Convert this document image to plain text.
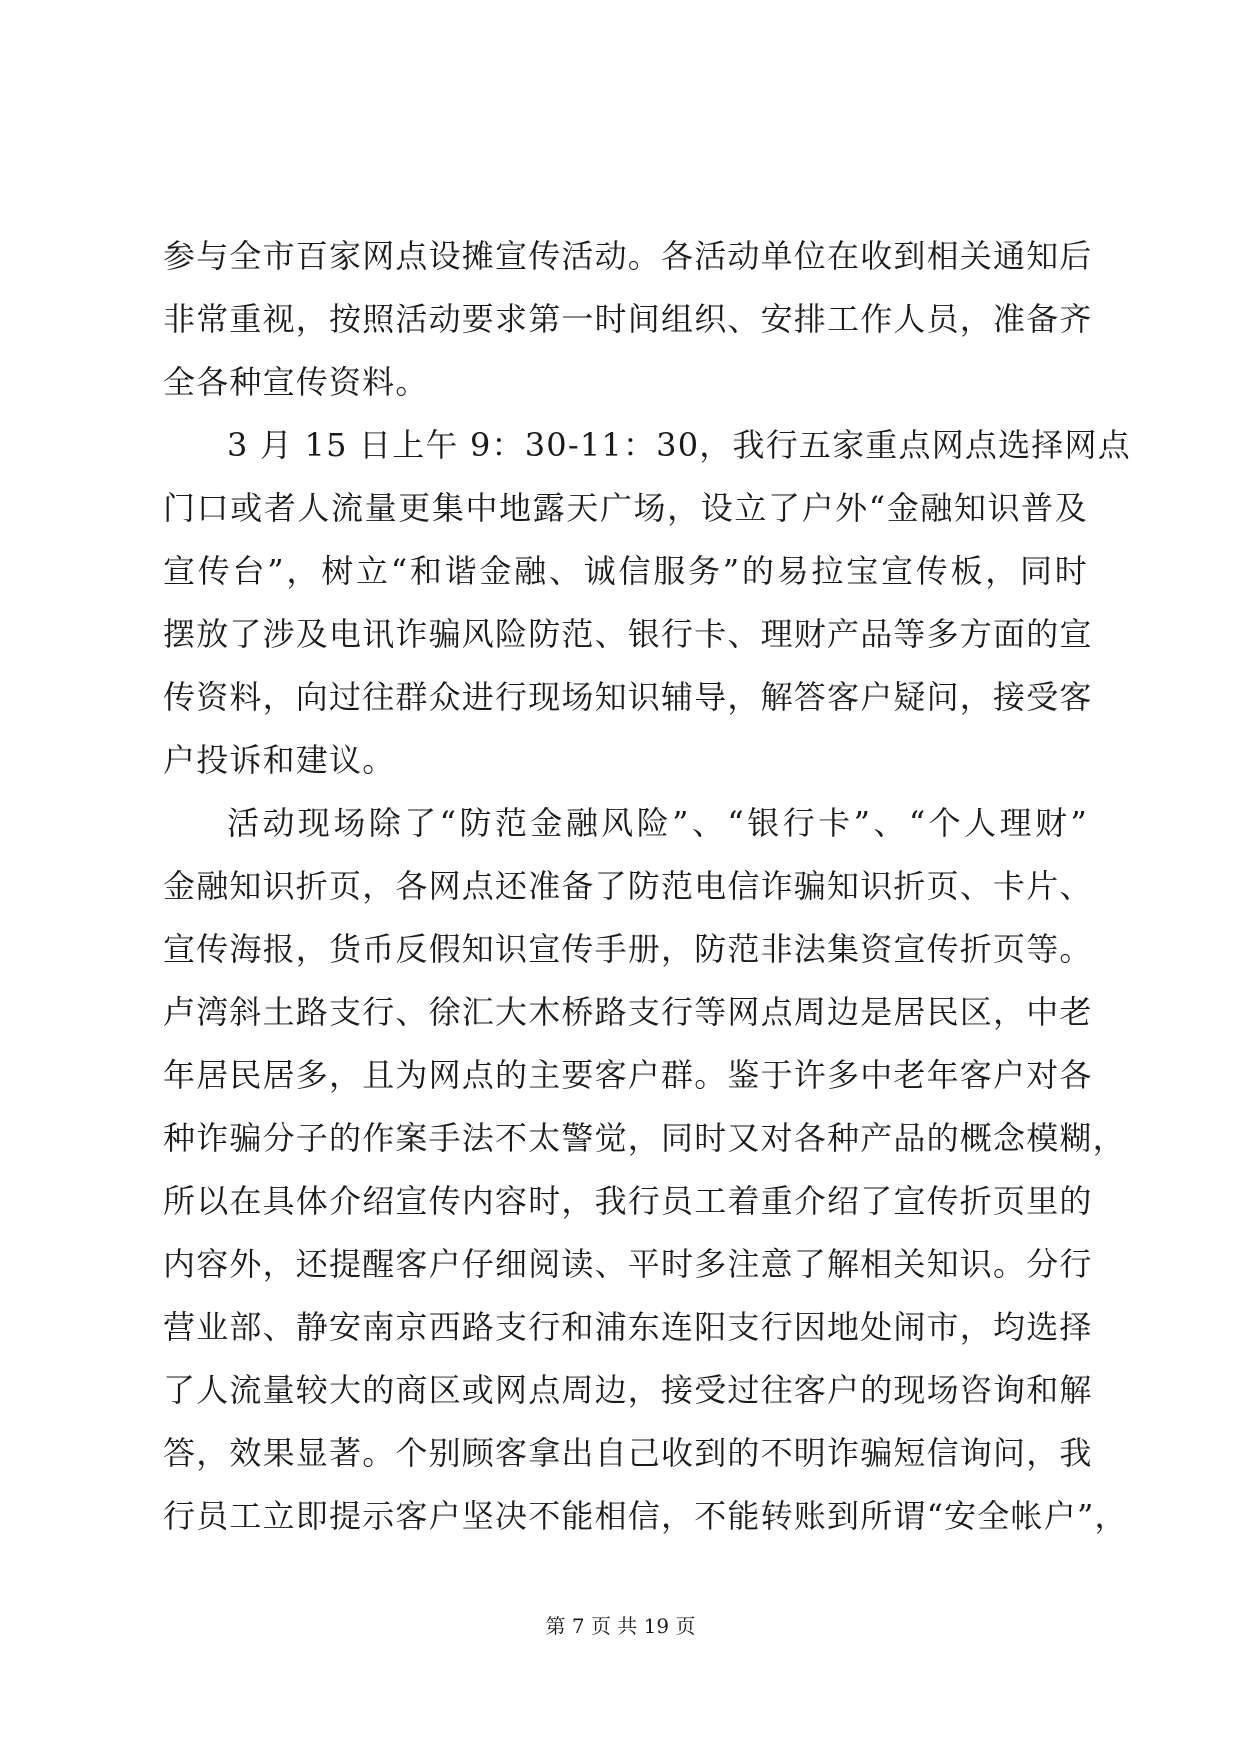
参与全市百家网点设摊宣传活动。各活动单位在收到相关通知后
非常重视，按照活动要求第一时间组织、安排工作人员，准备齐
全各种宣传资料。
3 月 15 日上午 9：30-11：30，我行五家重点网点选择网点
门口或者人流量更集中地露天广场，设立了户外“金融知识普及
宣传台”，树立“和谐金融、诚信服务”的易拉宝宣传板，同时
摆放了涉及电讯诈骗风险防范、银行卡、理财产品等多方面的宣
传资料，向过往群众进行现场知识辅导，解答客户疑问，接受客
户投诉和建议。
活动现场除了“防范金融风险”、“银行卡”、“个人理财”
金融知识折页，各网点还准备了防范电信诈骗知识折页、卡片、
宣传海报，货币反假知识宣传手册，防范非法集资宣传折页等。
卢湾斜土路支行、徐汇大木桥路支行等网点周边是居民区，中老
年居民居多，且为网点的主要客户群。鉴于许多中老年客户对各
种诈骗分子的作案手法不太警觉，同时又对各种产品的概念模糊，
所以在具体介绍宣传内容时，我行员工着重介绍了宣传折页里的
内容外，还提醒客户仔细阅读、平时多注意了解相关知识。分行
营业部、静安南京西路支行和浦东连阳支行因地处闹市，均选择
了人流量较大的商区或网点周边，接受过往客户的现场咨询和解
答，效果显著。个别顾客拿出自己收到的不明诈骗短信询问，我
行员工立即提示客户坚决不能相信，不能转账到所谓“安全帐户”，
第 7 页 共 19 页
